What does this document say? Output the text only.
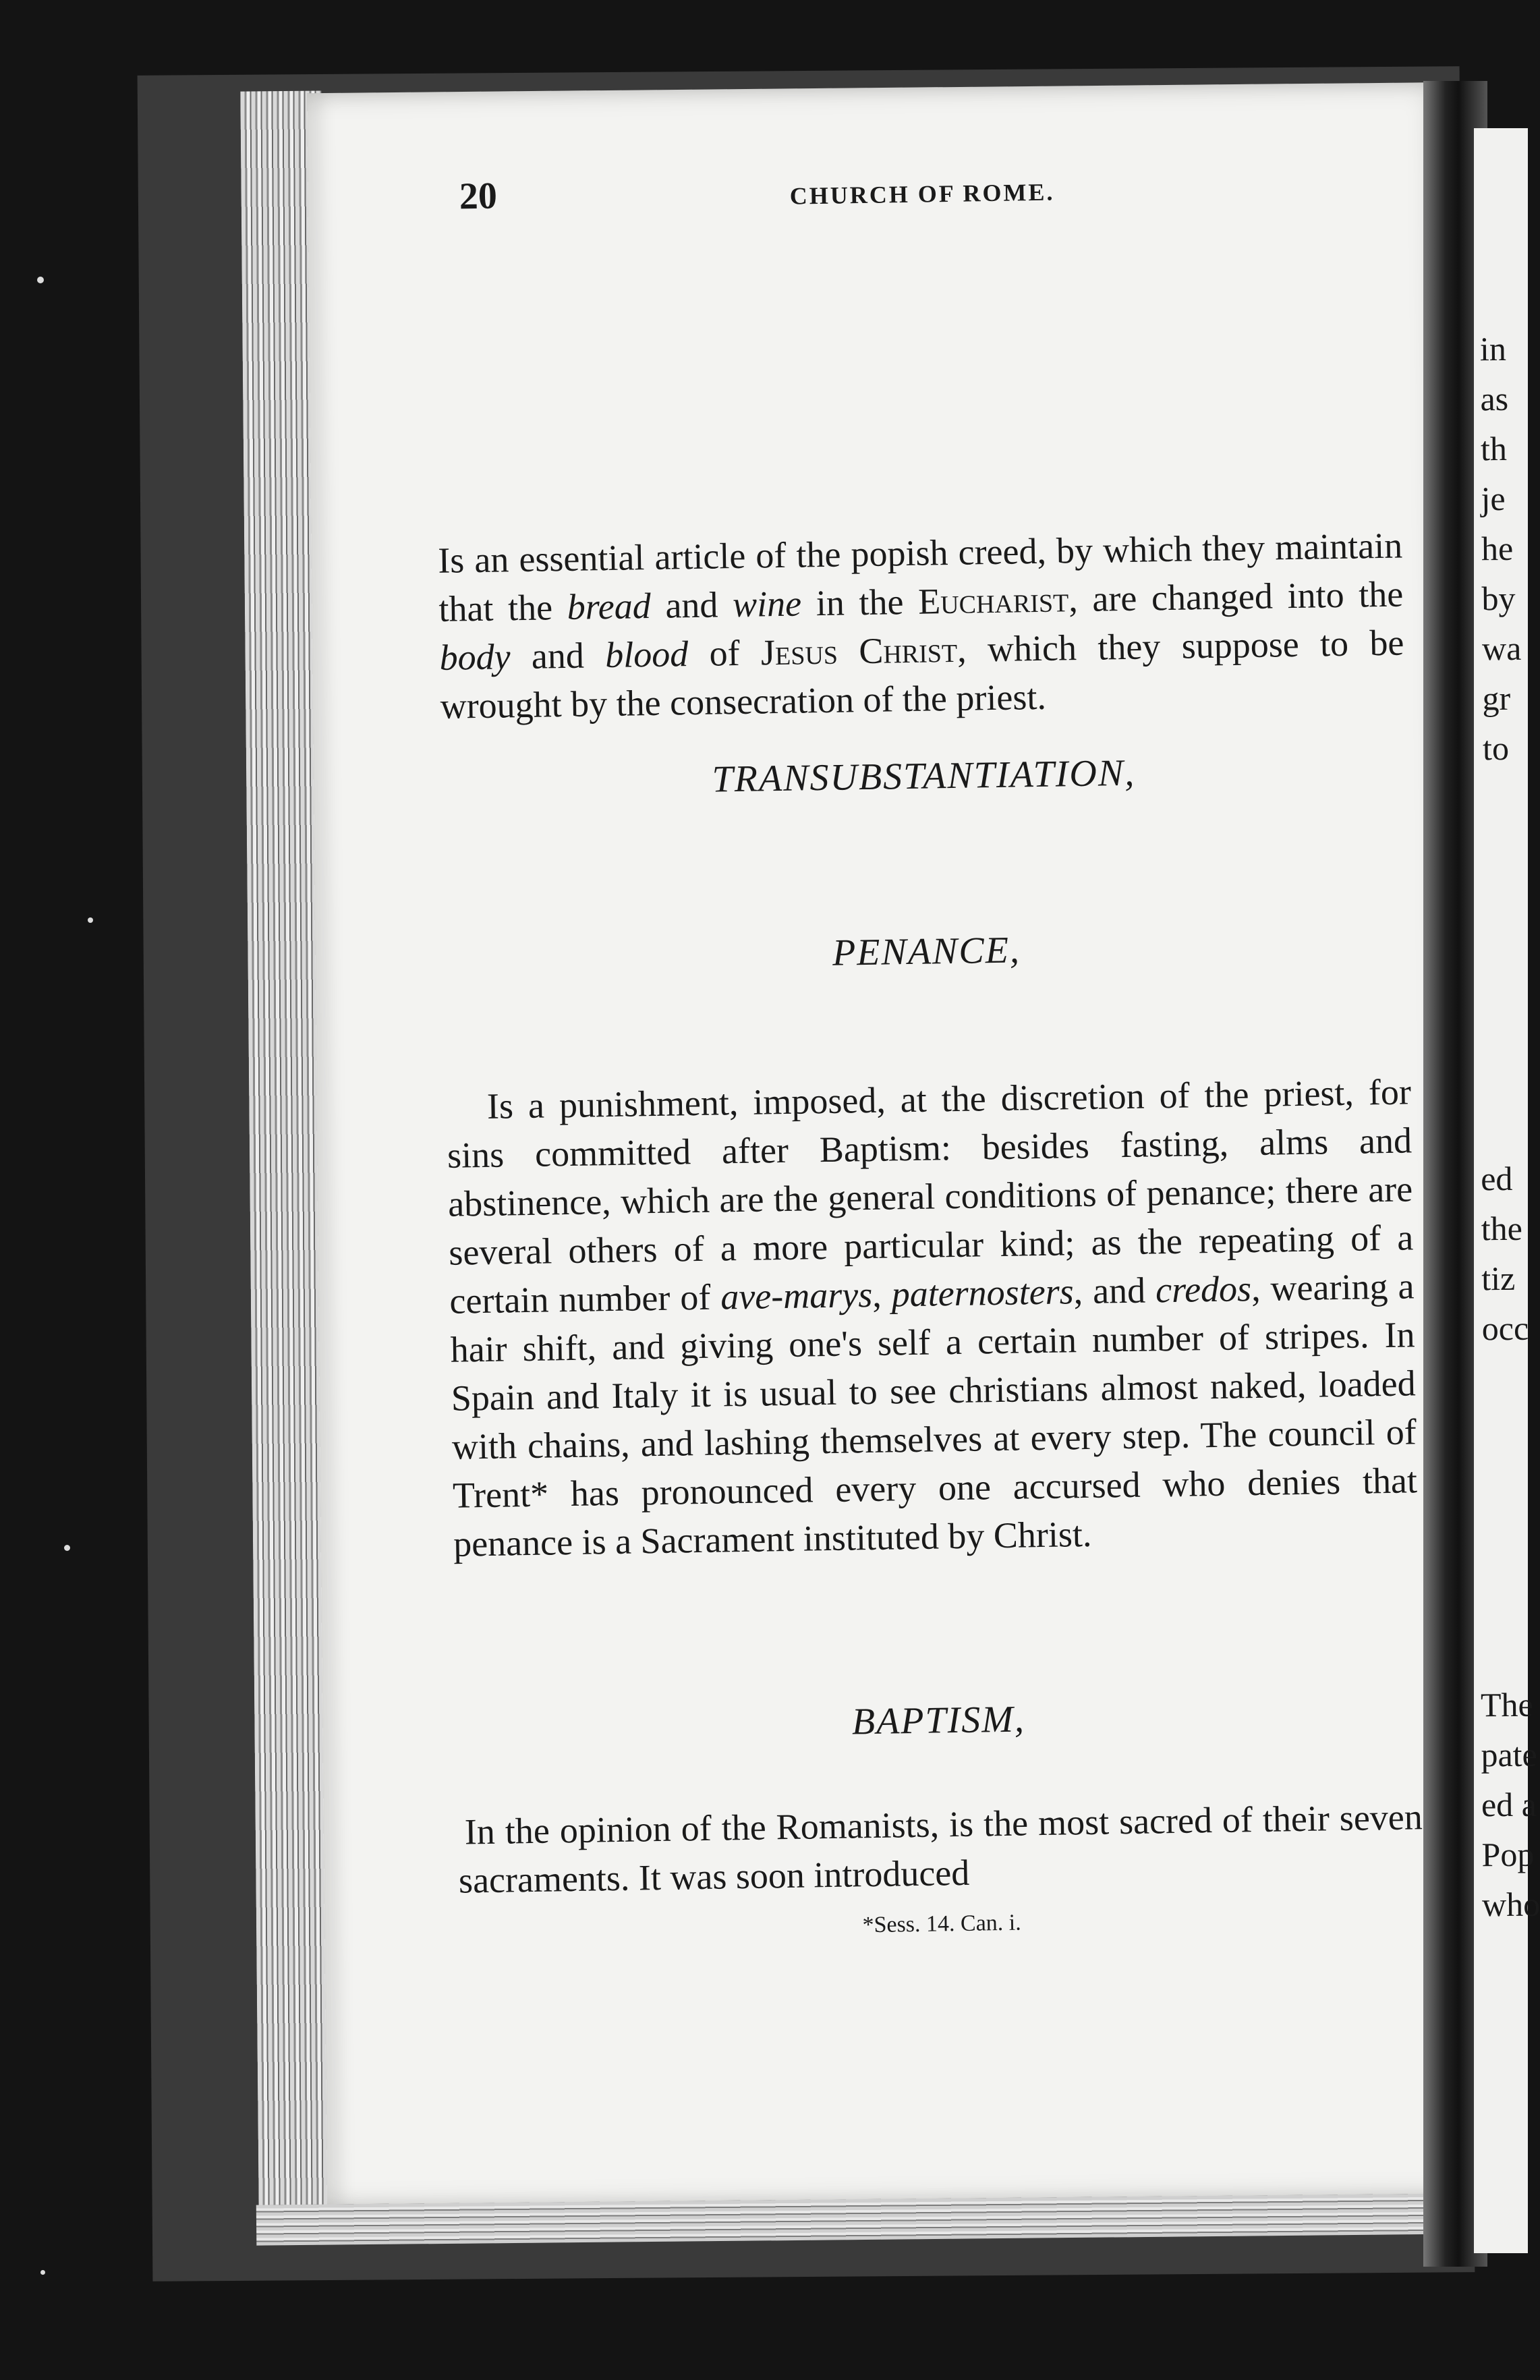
20	CHURCH OF ROME.
TRANSUBSTANTIATION,

Is an essential article of the popish creed, by which they maintain that the bread and wine in the Eucharist, are changed into the body and blood of Jesus Christ, which they suppose to be wrought by the consecration of the priest.

PENANCE,

Is a punishment, imposed, at the discretion of the priest, for sins committed after Baptism: besides fasting, alms and abstinence, which are the general conditions of penance; there are several others of a more particular kind; as the repeating of a certain number of ave-marys, paternosters, and credos, wearing a hair shift, and giving one's self a certain number of stripes. In Spain and Italy it is usual to see christians almost naked, loaded with chains, and lashing themselves at every step. The council of Trent* has pronounced every one accursed who denies that penance is a Sacrament instituted by Christ.

BAPTISM,

In the opinion of the Romanists, is the most sacred of their seven sacraments. It was soon introduced

*Sess. 14. Can. i.
in
as
th
je
he
by
wa
gr
to
ed
the
tiz
occ
The
pate
ed a
Pop
who
